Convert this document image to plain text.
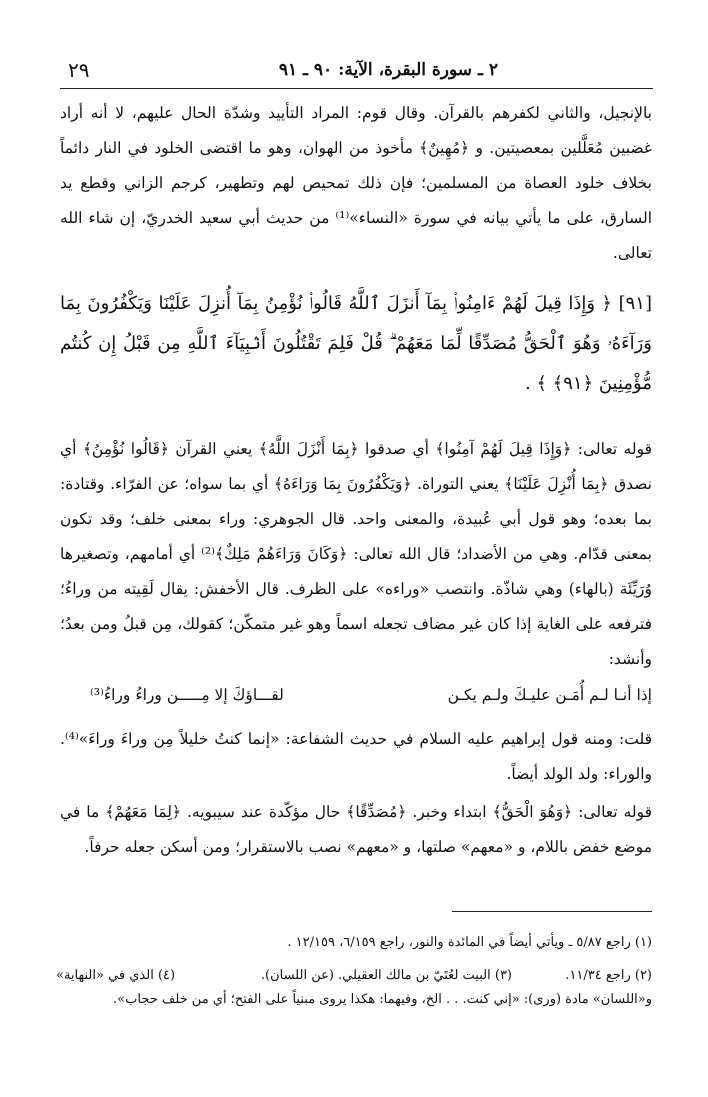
٢٩	٢ ـ سورة البقرة، الآية: ٩٠ ـ ٩١
بالإنجيل، والثاني لكفرهم بالقرآن. وقال قوم: المراد التأييد وشدّة الحال عليهم، لا أنه أراد غضبين مُعَلَّلين بمعصيتين. و ﴿مُهِينٌ﴾ مأخوذ من الهوان، وهو ما اقتضى الخلود في النار دائماً بخلاف خلود العصاة من المسلمين؛ فإن ذلك تمحيص لهم وتطهير، كرجم الزاني وقطع يد السارق، على ما يأتي بيانه في سورة «النساء»⁽¹⁾ من حديث أبي سعيد الخدريّ، إن شاء الله تعالى.
[٩١] ﴿ وَإِذَا قِيلَ لَهُمْ ءَامِنُوا۟ بِمَآ أَنزَلَ ٱللَّهُ قَالُوا۟ نُؤْمِنُ بِمَآ أُنزِلَ عَلَيْنَا وَيَكْفُرُونَ بِمَا وَرَآءَهُۥ وَهُوَ ٱلْحَقُّ مُصَدِّقًا لِّمَا مَعَهُمْ ۗ قُلْ فَلِمَ تَقْتُلُونَ أَنۢبِيَآءَ ٱللَّهِ مِن قَبْلُ إِن كُنتُم مُّؤْمِنِينَ ﴿٩١﴾ ﴾ .
قوله تعالى: ﴿وَإِذَا قِيلَ لَهُمْ آمِنُوا﴾ أي صدقوا ﴿بِمَا أَنْزَلَ اللَّهُ﴾ يعني القرآن ﴿قَالُوا نُؤْمِنُ﴾ أي نصدق ﴿بِمَا أُنْزِلَ عَلَيْنَا﴾ يعني التوراة. ﴿وَيَكْفُرُونَ بِمَا وَرَاءَهُ﴾ أي بما سواه؛ عن الفرّاء. وقتادة: بما بعده؛ وهو قول أبي عُبيدة، والمعنى واحد. قال الجوهري: وراء بمعنى خلف؛ وقد تكون بمعنى قدّام. وهي من الأضداد؛ قال الله تعالى: ﴿وَكَانَ وَرَاءَهُمْ مَلِكٌ﴾⁽²⁾ أي أمامهم، وتصغيرها وُرَيِّئَة (بالهاء) وهي شاذّة. وانتصب «وراءه» على الظرف. قال الأخفش: يقال لَقِيته من وراءُ؛ فترفعه على الغاية إذا كان غير مضاف تجعله اسماً وهو غير متمكّن؛ كقولك، مِن قبلُ ومن بعدُ؛ وأنشد:
إذا أنـا لـم أُمَـن عليـكَ ولـم يكـن
لقـــاؤكَ إلا مِـــــن وراءُ وراءُ⁽³⁾
قلت: ومنه قول إبراهيم عليه السلام في حديث الشفاعة: «إنما كنتُ خليلاً مِن وراءَ وراءَ»⁽⁴⁾. والوراء: ولد الولد أيضاً.
قوله تعالى: ﴿وَهُوَ الْحَقُّ﴾ ابتداء وخبر. ﴿مُصَدِّقًا﴾ حال مؤكّدة عند سيبويه. ﴿لِمَا مَعَهُمْ﴾ ما في موضع خفض باللام، و «معهم» صلتها، و «معهم» نصب بالاستقرار؛ ومن أسكن جعله حرفاً.
(١) راجع ٥/٨٧ ـ ويأتي أيضاً في المائدة والنور، راجع ٦/١٥٩، ١٢/١٥٩ .
(٢) راجع ١١/٣٤.
(٣) البيت لعُتَيّ بن مالك العقيلي. (عن اللسان).
(٤) الذي في «النهاية»
و«اللسان» مادة (ورى): «إني كنت. . . الخ، وفيهما: هكذا يروى مبنياً على الفتح؛ أي من خلف حجاب».
